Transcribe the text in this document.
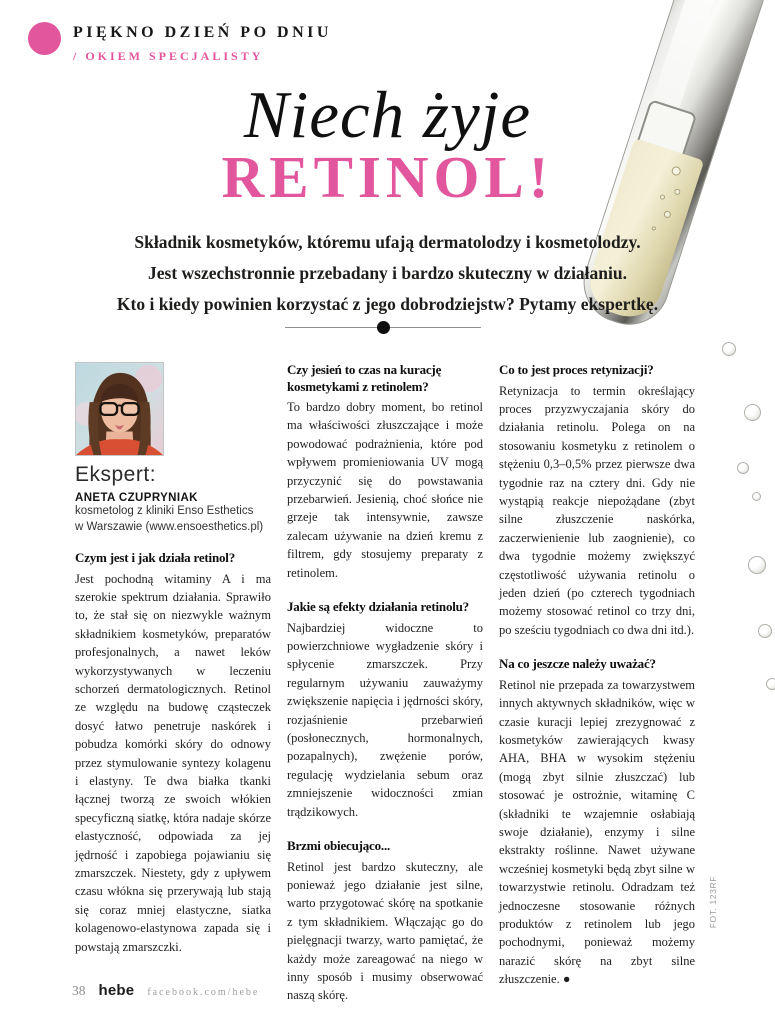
PIĘKNO DZIEŃ PO DNIU
/ OKIEM SPECJALISTY
Niech żyje
RETINOL!
Składnik kosmetyków, któremu ufają dermatolodzy i kosmetolodzy.
Jest wszechstronnie przebadany i bardzo skuteczny w działaniu.
Kto i kiedy powinien korzystać z jego dobrodziejstw? Pytamy ekspertkę.
Ekspert:
ANETA CZUPRYNIAK
kosmetolog z kliniki Enso Esthetics
w Warszawie (www.ensoesthetics.pl)
Czym jest i jak działa retinol?

Jest pochodną witaminy A i ma szerokie spektrum działania. Sprawiło to, że stał się on niezwykle ważnym składnikiem kosmetyków, preparatów profesjonalnych, a nawet leków wykorzystywanych w leczeniu schorzeń dermatologicznych. Retinol ze względu na budowę cząsteczek dosyć łatwo penetruje naskórek i pobudza komórki skóry do odnowy przez stymulowanie syntezy kolagenu i elastyny. Te dwa białka tkanki łącznej tworzą ze swoich włókien specyficzną siatkę, która nadaje skórze elastyczność, odpowiada za jej jędrność i zapobiega pojawianiu się zmarszczek. Niestety, gdy z upływem czasu włókna się przerywają lub stają się coraz mniej elastyczne, siatka kolagenowo-elastynowa zapada się i powstają zmarszczki.

Czy jesień to czas na kurację kosmetykami z retinolem?

To bardzo dobry moment, bo retinol ma właściwości złuszczające i może powodować podrażnienia, które pod wpływem promieniowania UV mogą przyczynić się do powstawania przebarwień. Jesienią, choć słońce nie grzeje tak intensywnie, zawsze zalecam używanie na dzień kremu z filtrem, gdy stosujemy preparaty z retinolem.

Jakie są efekty działania retinolu?

Najbardziej widoczne to powierzchniowe wygładzenie skóry i spłycenie zmarszczek. Przy regularnym używaniu zauważymy zwiększenie napięcia i jędrności skóry, rozjaśnienie przebarwień (posłonecznych, hormonalnych, pozapalnych), zwężenie porów, regulację wydzielania sebum oraz zmniejszenie widoczności zmian trądzikowych.

Brzmi obiecująco...

Retinol jest bardzo skuteczny, ale ponieważ jego działanie jest silne, warto przygotować skórę na spotkanie z tym składnikiem. Włączając go do pielęgnacji twarzy, warto pamiętać, że każdy może zareagować na niego w inny sposób i musimy obserwować naszą skórę.

Co to jest proces retynizacji?

Retynizacja to termin określający proces przyzwyczajania skóry do działania retinolu. Polega on na stosowaniu kosmetyku z retinolem o stężeniu 0,3–0,5% przez pierwsze dwa tygodnie raz na cztery dni. Gdy nie wystąpią reakcje niepożądane (zbyt silne złuszczenie naskórka, zaczerwienienie lub zaognienie), co dwa tygodnie możemy zwiększyć częstotliwość używania retinolu o jeden dzień (po czterech tygodniach możemy stosować retinol co trzy dni, po sześciu tygodniach co dwa dni itd.).

Na co jeszcze należy uważać?

Retinol nie przepada za towarzystwem innych aktywnych składników, więc w czasie kuracji lepiej zrezygnować z kosmetyków zawierających kwasy AHA, BHA w wysokim stężeniu (mogą zbyt silnie złuszczać) lub stosować je ostrożnie, witaminę C (składniki te wzajemnie osłabiają swoje działanie), enzymy i silne ekstrakty roślinne. Nawet używane wcześniej kosmetyki będą zbyt silne w towarzystwie retinolu. Odradzam też jednoczesne stosowanie różnych produktów z retinolem lub jego pochodnymi, ponieważ możemy narazić skórę na zbyt silne złuszczenie. ●

FOT. 123RF
38 hebe facebook.com/hebe
